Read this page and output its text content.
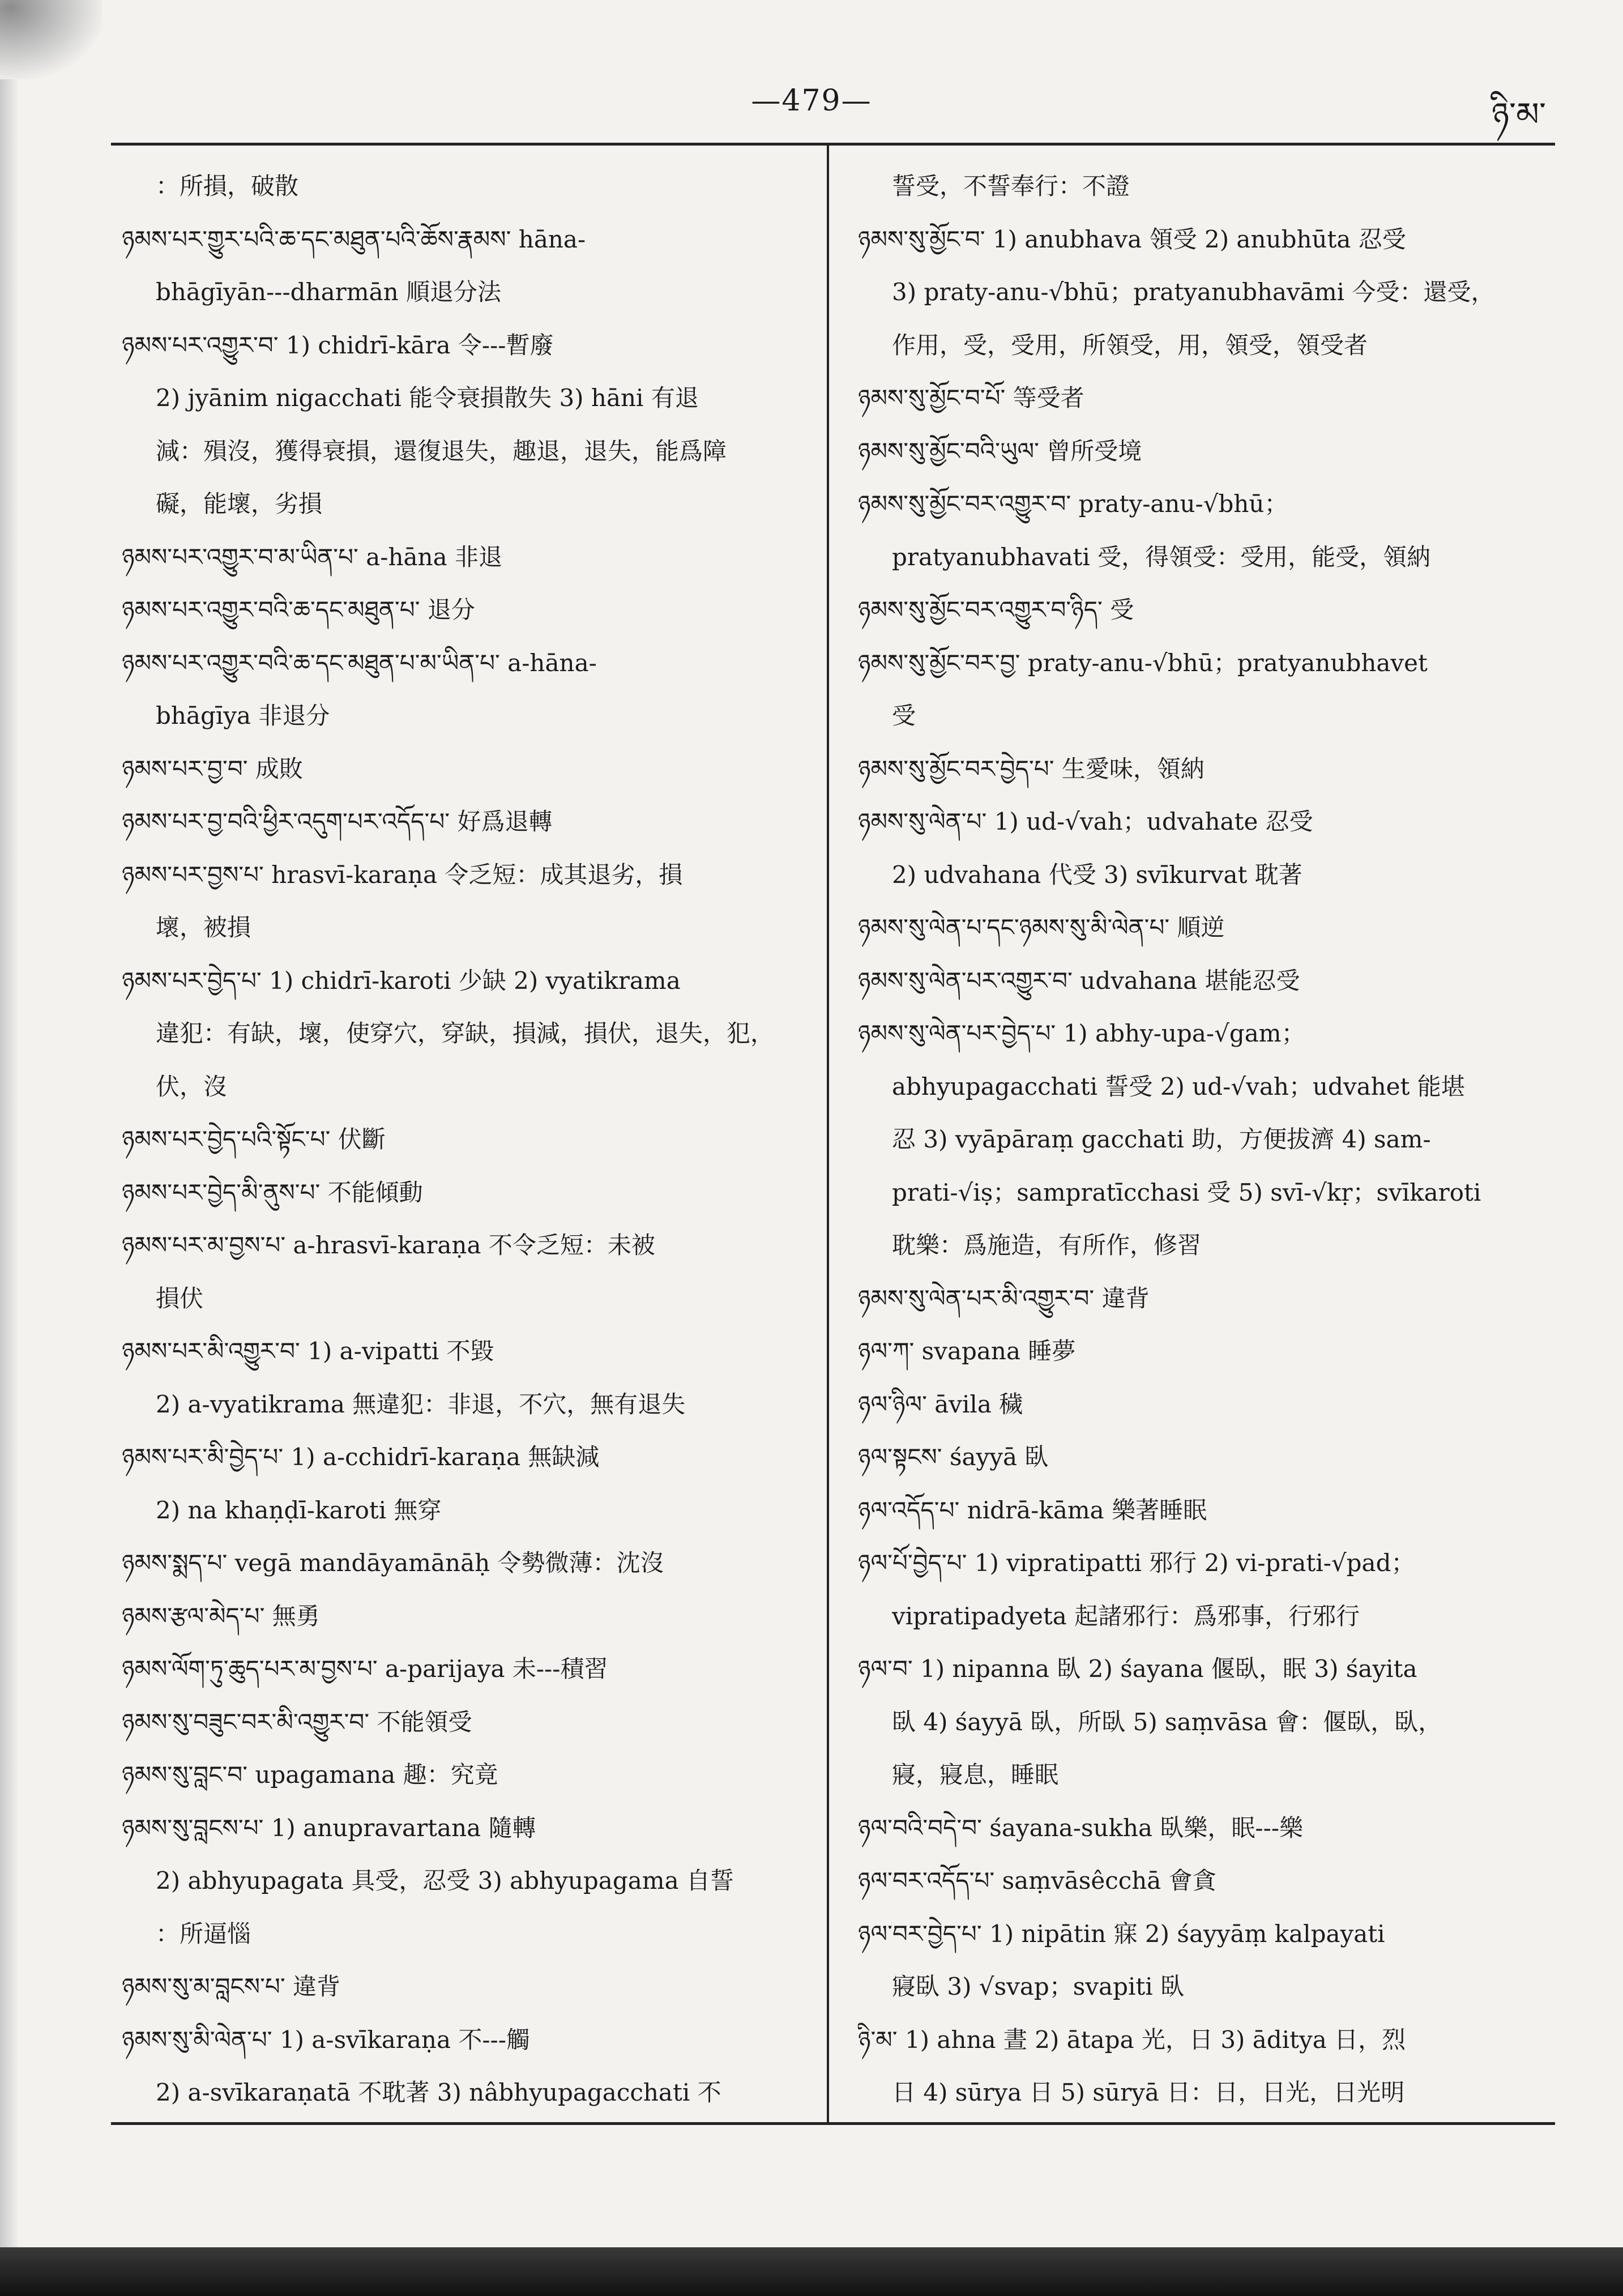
—479—	ཉི་མ་
：所損，破散
ཉམས་པར་གྱུར་པའི་ཆ་དང་མཐུན་པའི་ཆོས་རྣམས་ hāna-
bhāgīyān---dharmān 順退分法
ཉམས་པར་འགྱུར་བ་ 1) chidrī-kāra 令---暫廢
2) jyānim nigacchati 能令衰損散失 3) hāni 有退
減：殞沒，獲得衰損，還復退失，趣退，退失，能爲障
礙，能壞，劣損
ཉམས་པར་འགྱུར་བ་མ་ཡིན་པ་ a-hāna 非退
ཉམས་པར་འགྱུར་བའི་ཆ་དང་མཐུན་པ་ 退分
ཉམས་པར་འགྱུར་བའི་ཆ་དང་མཐུན་པ་མ་ཡིན་པ་ a-hāna-
bhāgīya 非退分
ཉམས་པར་བྱ་བ་ 成敗
ཉམས་པར་བྱ་བའི་ཕྱིར་འདུག་པར་འདོད་པ་ 好爲退轉
ཉམས་པར་བྱས་པ་ hrasvī-karaṇa 令乏短：成其退劣，損
壞，被損
ཉམས་པར་བྱེད་པ་ 1) chidrī-karoti 少缺 2) vyatikrama
違犯：有缺，壞，使穿穴，穿缺，損減，損伏，退失，犯，
伏，沒
ཉམས་པར་བྱེད་པའི་སྟོང་པ་ 伏斷
ཉམས་པར་བྱེད་མི་ནུས་པ་ 不能傾動
ཉམས་པར་མ་བྱས་པ་ a-hrasvī-karaṇa 不令乏短：未被
損伏
ཉམས་པར་མི་འགྱུར་བ་ 1) a-vipatti 不毀
2) a-vyatikrama 無違犯：非退，不穴，無有退失
ཉམས་པར་མི་བྱེད་པ་ 1) a-cchidrī-karaṇa 無缺減
2) na khaṇḍī-karoti 無穿
ཉམས་སྨད་པ་ vegā mandāyamānāḥ 令勢微薄：沈沒
ཉམས་རྩལ་མེད་པ་ 無勇
ཉམས་ལོག་ཏུ་ཆུད་པར་མ་བྱས་པ་ a-parijaya 未---積習
ཉམས་སུ་བཟུང་བར་མི་འགྱུར་བ་ 不能領受
ཉམས་སུ་བླང་བ་ upagamana 趣：究竟
ཉམས་སུ་བླངས་པ་ 1) anupravartana 隨轉
2) abhyupagata 具受，忍受 3) abhyupagama 自誓
：所逼惱
ཉམས་སུ་མ་བླངས་པ་ 違背
ཉམས་སུ་མི་ལེན་པ་ 1) a-svīkaraṇa 不---觸
2) a-svīkaraṇatā 不耽著 3) nâbhyupagacchati 不
誓受，不誓奉行：不證
ཉམས་སུ་མྱོང་བ་ 1) anubhava 領受 2) anubhūta 忍受
3) praty-anu-√bhū；pratyanubhavāmi 今受：還受，
作用，受，受用，所領受，用，領受，領受者
ཉམས་སུ་མྱོང་བ་པོ་ 等受者
ཉམས་སུ་མྱོང་བའི་ཡུལ་ 曾所受境
ཉམས་སུ་མྱོང་བར་འགྱུར་བ་ praty-anu-√bhū；
pratyanubhavati 受，得領受：受用，能受，領納
ཉམས་སུ་མྱོང་བར་འགྱུར་བ་ཉིད་ 受
ཉམས་སུ་མྱོང་བར་བྱ་ praty-anu-√bhū；pratyanubhavet
受
ཉམས་སུ་མྱོང་བར་བྱེད་པ་ 生愛味，領納
ཉམས་སུ་ལེན་པ་ 1) ud-√vah；udvahate 忍受
2) udvahana 代受 3) svīkurvat 耽著
ཉམས་སུ་ལེན་པ་དང་ཉམས་སུ་མི་ལེན་པ་ 順逆
ཉམས་སུ་ལེན་པར་འགྱུར་བ་ udvahana 堪能忍受
ཉམས་སུ་ལེན་པར་བྱེད་པ་ 1) abhy-upa-√gam；
abhyupagacchati 誓受 2) ud-√vah；udvahet 能堪
忍 3) vyāpāraṃ gacchati 助，方便拔濟 4) sam-
prati-√iṣ；sampratīcchasi 受 5) svī-√kṛ；svīkaroti
耽樂：爲施造，有所作，修習
ཉམས་སུ་ལེན་པར་མི་འགྱུར་བ་ 違背
ཉལ་ཀ་ svapana 睡夢
ཉལ་ཉིལ་ āvila 穢
ཉལ་སྟངས་ śayyā 臥
ཉལ་འདོད་པ་ nidrā-kāma 樂著睡眠
ཉལ་པོ་བྱེད་པ་ 1) vipratipatti 邪行 2) vi-prati-√pad；
vipratipadyeta 起諸邪行：爲邪事，行邪行
ཉལ་བ་ 1) nipanna 臥 2) śayana 偃臥，眠 3) śayita
臥 4) śayyā 臥，所臥 5) saṃvāsa 會：偃臥，臥，
寢，寢息，睡眠
ཉལ་བའི་བདེ་བ་ śayana-sukha 臥樂，眠---樂
ཉལ་བར་འདོད་པ་ saṃvāsêcchā 會貪
ཉལ་བར་བྱེད་པ་ 1) nipātin 寐 2) śayyāṃ kalpayati
寢臥 3) √svap；svapiti 臥
ཉི་མ་ 1) ahna 晝 2) ātapa 光，日 3) āditya 日，烈
日 4) sūrya 日 5) sūryā 日：日，日光，日光明
